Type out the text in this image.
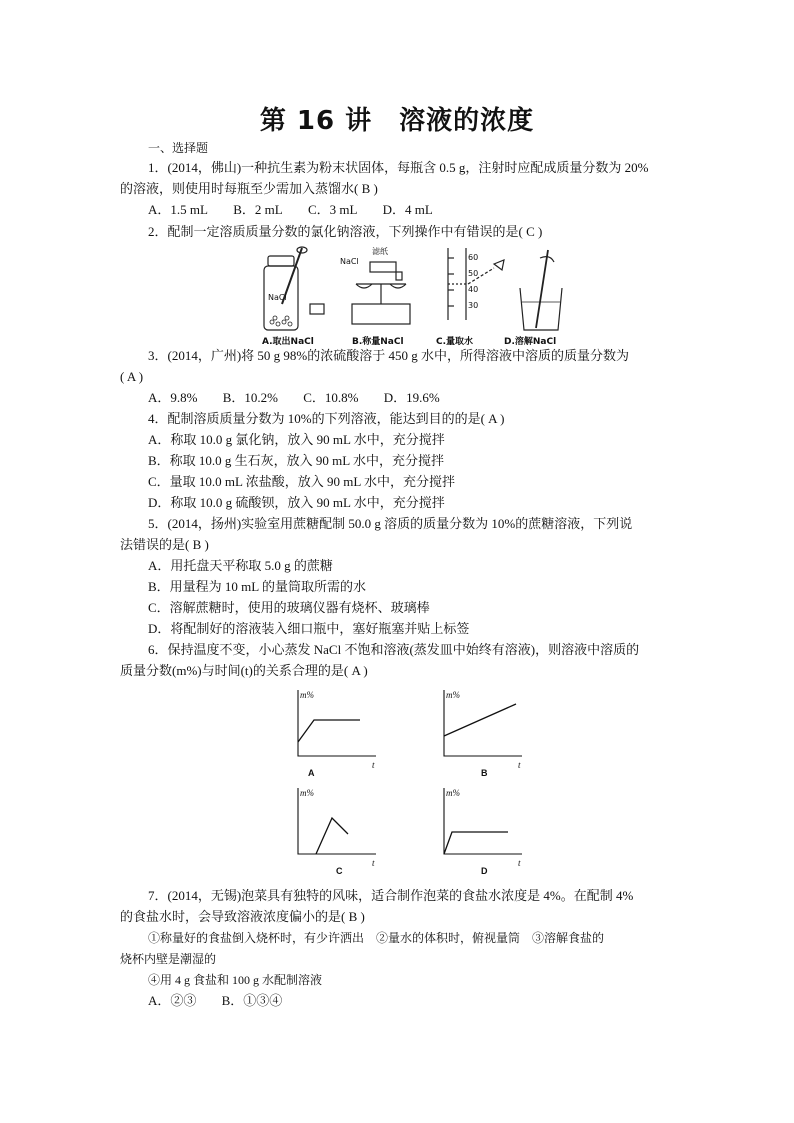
第 16 讲　溶液的浓度
一、选择题
1．(2014，佛山)一种抗生素为粉末状固体，每瓶含 0.5 g，注射时应配成质量分数为 20%
的溶液，则使用时每瓶至少需加入蒸馏水( B )
A．1.5 mL B．2 mL C．3 mL D．4 mL
2．配制一定溶质质量分数的氯化钠溶液，下列操作中有错误的是( C )
NaCl
NaCl
滤纸
60
50
40
30
A.取出NaCl	B.称量NaCl	C.量取水	D.溶解NaCl
3．(2014，广州)将 50 g 98%的浓硫酸溶于 450 g 水中，所得溶液中溶质的质量分数为
( A )
A．9.8% B．10.2% C．10.8% D．19.6%
4．配制溶质质量分数为 10%的下列溶液，能达到目的的是( A )
A．称取 10.0 g 氯化钠，放入 90 mL 水中，充分搅拌
B．称取 10.0 g 生石灰，放入 90 mL 水中，充分搅拌
C．量取 10.0 mL 浓盐酸，放入 90 mL 水中，充分搅拌
D．称取 10.0 g 硫酸钡，放入 90 mL 水中，充分搅拌
5．(2014，扬州)实验室用蔗糖配制 50.0 g 溶质的质量分数为 10%的蔗糖溶液，下列说
法错误的是( B )
A．用托盘天平称取 5.0 g 的蔗糖
B．用量程为 10 mL 的量筒取所需的水
C．溶解蔗糖时，使用的玻璃仪器有烧杯、玻璃棒
D．将配制好的溶液装入细口瓶中，塞好瓶塞并贴上标签
6．保持温度不变，小心蒸发 NaCl 不饱和溶液(蒸发皿中始终有溶液)，则溶液中溶质的
质量分数(m%)与时间(t)的关系合理的是( A )
m%
t
m%
t
m%
t
m%
t
A	B
C	D
7．(2014，无锡)泡菜具有独特的风味，适合制作泡菜的食盐水浓度是 4%。在配制 4%
的食盐水时，会导致溶液浓度偏小的是( B )
①称量好的食盐倒入烧杯时，有少许洒出　②量水的体积时，俯视量筒　③溶解食盐的
烧杯内壁是潮湿的
④用 4 g 食盐和 100 g 水配制溶液
A．②③ B．①③④
